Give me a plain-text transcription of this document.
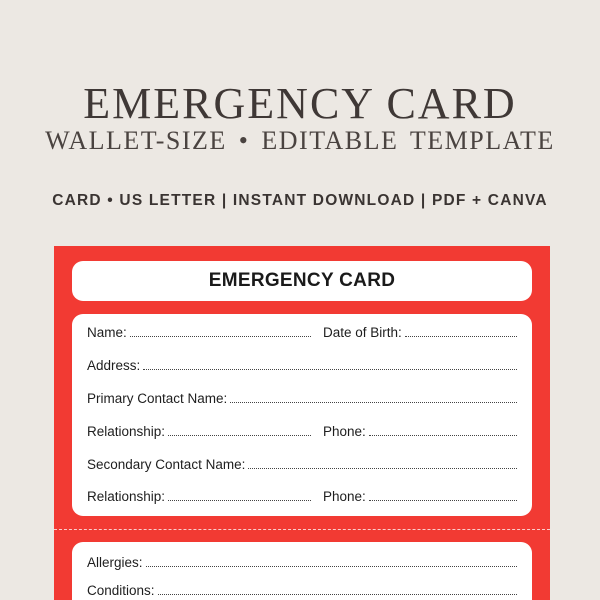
EMERGENCY CARD
WALLET-SIZE • EDITABLE TEMPLATE
CARD • US LETTER | INSTANT DOWNLOAD | PDF + CANVA
EMERGENCY CARD
Name:	Date of Birth:
Address:
Primary Contact Name:
Relationship:	Phone:
Secondary Contact Name:
Relationship:	Phone:
Allergies:
Conditions:
